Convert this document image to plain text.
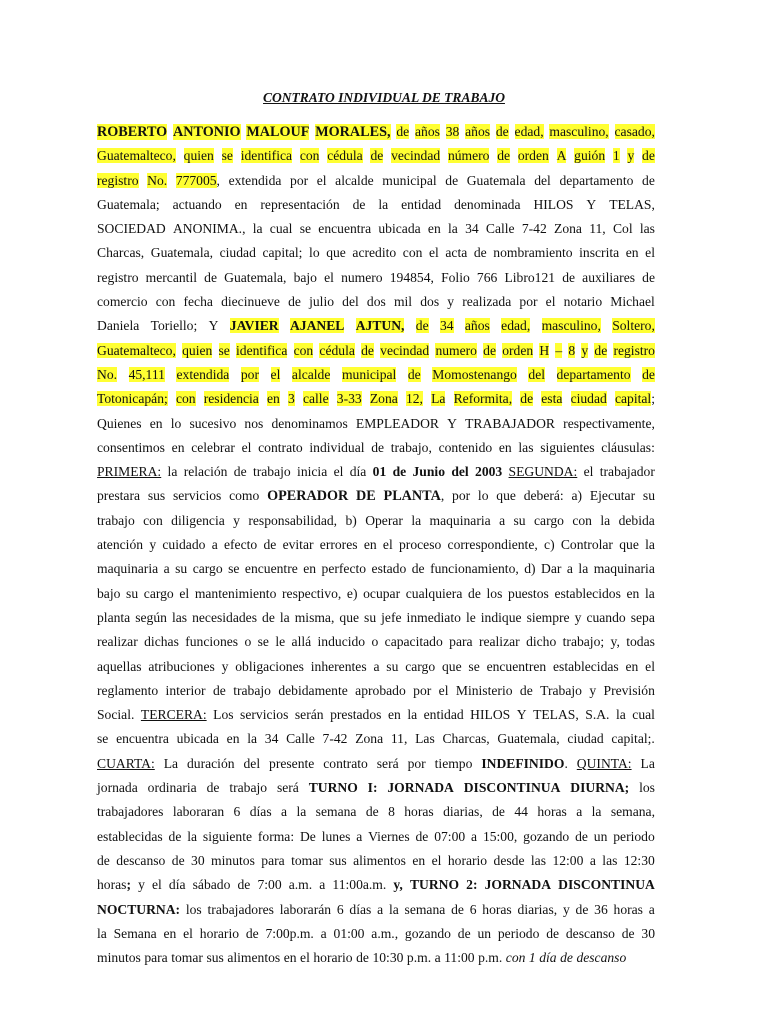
CONTRATO INDIVIDUAL DE TRABAJO
ROBERTO ANTONIO MALOUF MORALES, de años 38 años de edad, masculino, casado,
Guatemalteco, quien se identifica con cédula de vecindad número de orden A guión 1 y de
registro No. 777005, extendida por el alcalde municipal de Guatemala del departamento de
Guatemala; actuando en representación de la entidad denominada HILOS Y TELAS,
SOCIEDAD ANONIMA., la cual se encuentra ubicada en la 34 Calle 7-42 Zona 11, Col las
Charcas, Guatemala, ciudad capital; lo que acredito con el acta de nombramiento inscrita en el
registro mercantil de Guatemala, bajo el numero 194854, Folio 766 Libro121 de auxiliares de
comercio con fecha diecinueve de julio del dos mil dos y realizada por el notario Michael
Daniela Toriello; Y JAVIER AJANEL AJTUN, de 34 años edad, masculino, Soltero,
Guatemalteco, quien se identifica con cédula de vecindad numero de orden H – 8 y de registro
No. 45,111 extendida por el alcalde municipal de Momostenango del departamento de
Totonicapán; con residencia en 3 calle 3-33 Zona 12, La Reformita, de esta ciudad capital;
Quienes en lo sucesivo nos denominamos EMPLEADOR Y TRABAJADOR respectivamente,
consentimos en celebrar el contrato individual de trabajo, contenido en las siguientes cláusulas:
PRIMERA: la relación de trabajo inicia el día 01 de Junio del 2003 SEGUNDA: el trabajador
prestara sus servicios como OPERADOR DE PLANTA, por lo que deberá: a) Ejecutar su
trabajo con diligencia y responsabilidad, b) Operar la maquinaria a su cargo con la debida
atención y cuidado a efecto de evitar errores en el proceso correspondiente, c) Controlar que la
maquinaria a su cargo se encuentre en perfecto estado de funcionamiento, d) Dar a la maquinaria
bajo su cargo el mantenimiento respectivo, e) ocupar cualquiera de los puestos establecidos en la
planta según las necesidades de la misma, que su jefe inmediato le indique siempre y cuando sepa
realizar dichas funciones o se le allá inducido o capacitado para realizar dicho trabajo; y, todas
aquellas atribuciones y obligaciones inherentes a su cargo que se encuentren establecidas en el
reglamento interior de trabajo debidamente aprobado por el Ministerio de Trabajo y Previsión
Social. TERCERA: Los servicios serán prestados en la entidad HILOS Y TELAS, S.A. la cual
se encuentra ubicada en la 34 Calle 7-42 Zona 11, Las Charcas, Guatemala, ciudad capital;.
CUARTA: La duración del presente contrato será por tiempo INDEFINIDO. QUINTA: La
jornada ordinaria de trabajo será TURNO I: JORNADA DISCONTINUA DIURNA; los
trabajadores laboraran 6 días a la semana de 8 horas diarias, de 44 horas a la semana,
establecidas de la siguiente forma: De lunes a Viernes de 07:00 a 15:00, gozando de un periodo
de descanso de 30 minutos para tomar sus alimentos en el horario desde las 12:00 a las 12:30
horas; y el día sábado de 7:00 a.m. a 11:00a.m. y, TURNO 2: JORNADA DISCONTINUA
NOCTURNA: los trabajadores laborarán 6 días a la semana de 6 horas diarias, y de 36 horas a
la Semana en el horario de 7:00p.m. a 01:00 a.m., gozando de un periodo de descanso de 30
minutos para tomar sus alimentos en el horario de 10:30 p.m. a 11:00 p.m. con 1 día de descanso
